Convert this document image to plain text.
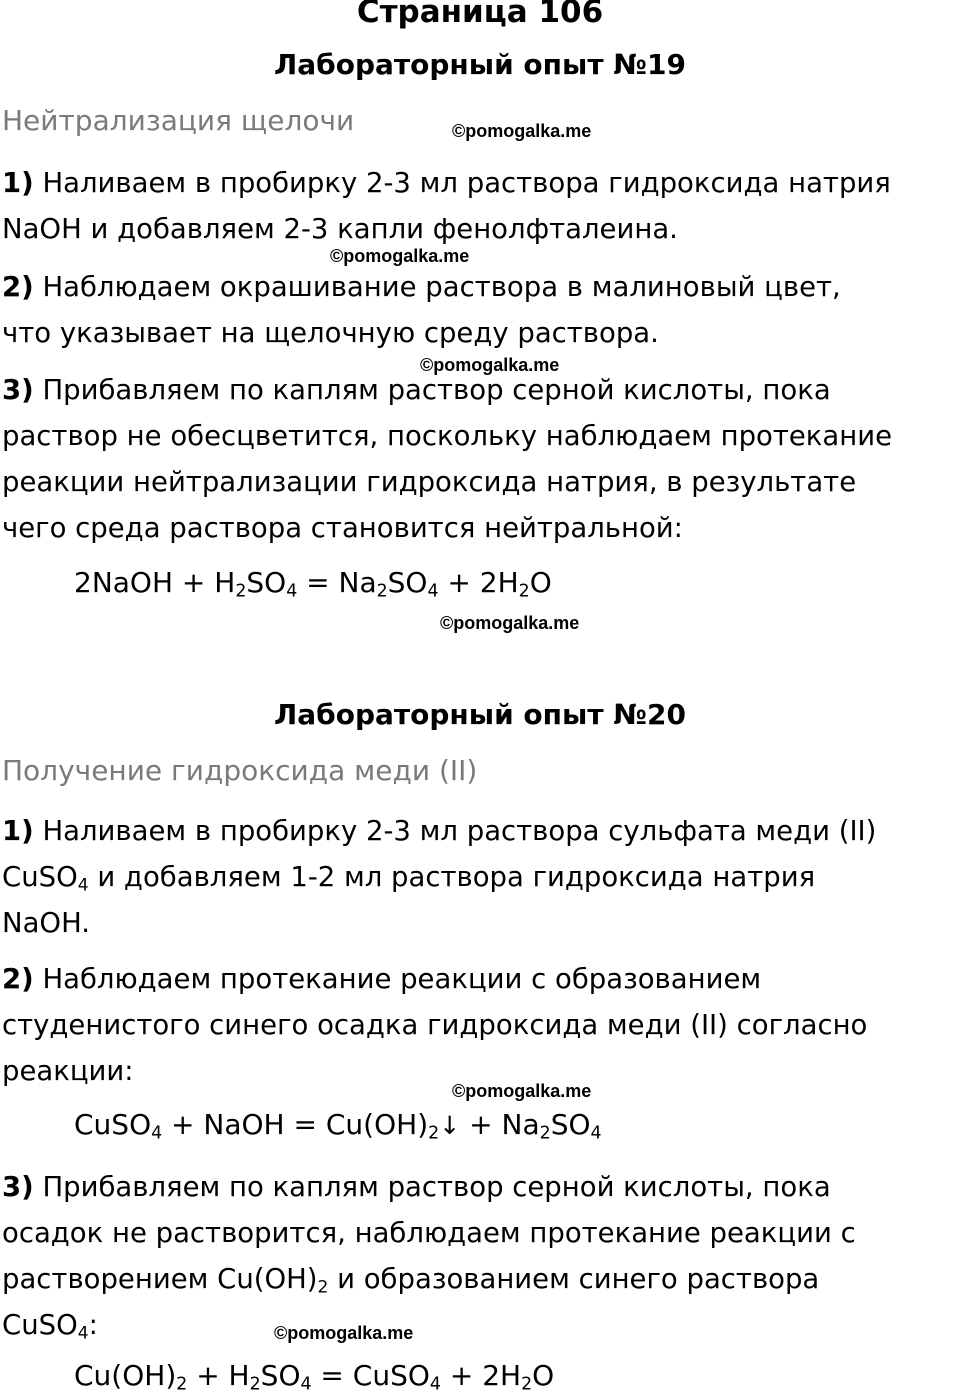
Страница 106
Лабораторный опыт №19
Нейтрализация щелочи	©pomogalka.me
1) Наливаем в пробирку 2-3 мл раствора гидроксида натрия
NaOH и добавляем 2-3 капли фенолфталеина.
©pomogalka.me
2) Наблюдаем окрашивание раствора в малиновый цвет,
что указывает на щелочную среду раствора.
©pomogalka.me
3) Прибавляем по каплям раствор серной кислоты, пока
раствор не обесцветится, поскольку наблюдаем протекание
реакции нейтрализации гидроксида натрия, в результате
чего среда раствора становится нейтральной:
2NaOH + $H_2SO_4 = Na_2SO_4 + 2H_2O$
©pomogalka.me
Лабораторный опыт №20
Получение гидроксида меди (II)
1) Наливаем в пробирку 2-3 мл раствора сульфата меди (II)
CuSO$_4$ и добавляем 1-2 мл раствора гидроксида натрия
NaOH.
2) Наблюдаем протекание реакции с образованием
студенистого синего осадка гидроксида меди (II) согласно
реакции:
©pomogalka.me
CuSO$_4$ + NaOH = $Cu(OH)_2↓ + Na_2SO_4$
3) Прибавляем по каплям раствор серной кислоты, пока
осадок не растворится, наблюдаем протекание реакции с
растворением $Cu(OH)_2$ и образованием синего раствора
CuSO$_4$:	©pomogalka.me
$Cu(OH)_2 + H_2SO_4$ = CuSO$_4$ + $2H_2O$
